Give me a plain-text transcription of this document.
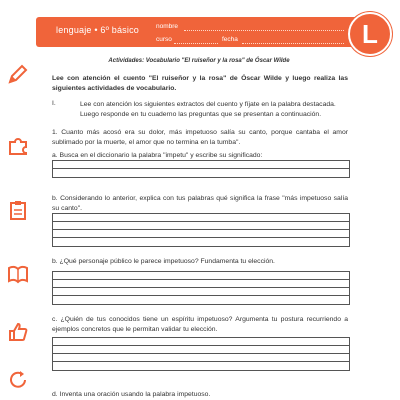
lenguaje • 6º básico	nombre
curso	fecha	L
Actividades: Vocabulario "El ruiseñor y la rosa" de Óscar Wilde
Lee con atención el cuento "El ruiseñor y la rosa" de Óscar Wilde y luego realiza las siguientes actividades de vocabulario.
I.	Lee con atención los siguientes extractos del cuento y fíjate en la palabra destacada.
Luego responde en tu cuaderno las preguntas que se presentan a continuación.
1. Cuanto más acosó era su dolor, más impetuoso salía su canto, porque cantaba el amor sublimado por la muerte, el amor que no termina en la tumba".
a. Busca en el diccionario la palabra "impetu" y escribe su significado:
b. Considerando lo anterior, explica con tus palabras qué significa la frase "más impetuoso salía su canto".
b. ¿Qué personaje público le parece impetuoso? Fundamenta tu elección.
c. ¿Quién de tus conocidos tiene un espíritu impetuoso? Argumenta tu postura recurriendo a ejemplos concretos que le permitan validar tu elección.
d. Inventa una oración usando la palabra impetuoso.
